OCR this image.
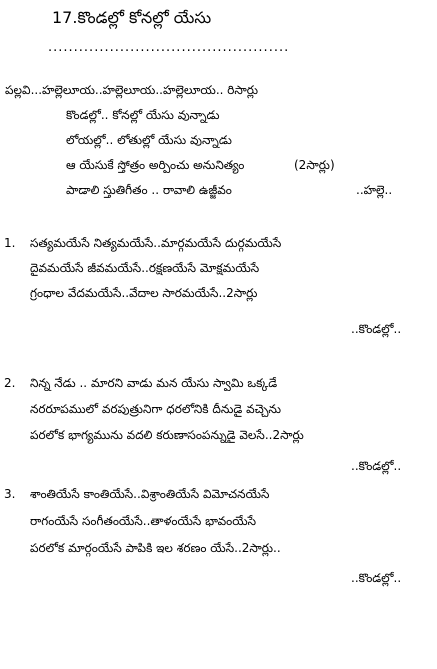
17.కొండల్లో కోనల్లో యేసు
...............................................
పల్లవి...హల్లెలూయ..హల్లెలూయ..హల్లెలూయ.. రిసార్లు
కొండల్లో.. కోనల్లో యేసు వున్నాడు
లోయల్లో.. లోతుల్లో యేసు వున్నాడు
ఆ యేసుకే స్తోత్రం అర్పించు అనునిత్యం	(2సార్లు)
పాడాలి స్తుతిగీతం .. రావాలి ఉజ్జీవం	..హల్లె..
1. సత్యమయేసే నిత్యమయేసే..మార్గమయేసే దుర్గమయేసే
దైవమయేసే జీవమయేసే..రక్షణయేసే మోక్షమయేసే
గ్రంధాల వేదమయేసే..వేదాల సారమయేసే..2సార్లు
..కొండల్లో..
2. నిన్న నేడు .. మారని వాడు మన యేసు స్వామి ఒక్కడే
నరరూపములో వరపుత్రునిగా ధరలోనికి దీనుడై వచ్చెను
పరలోక భాగ్యమును వదలి కరుణాసంపన్నుడై వెలసే..2సార్లు
..కొండల్లో..
3. శాంతియేసే కాంతియేసే..విశ్రాంతియేసే విమోచనయేసే
రాగంయేసే సంగీతంయేసే..తాళంయేసే భావంయేసే
పరలోక మార్గంయేసే పాపికి ఇల శరణం యేసే..2సార్లు..
..కొండల్లో..
